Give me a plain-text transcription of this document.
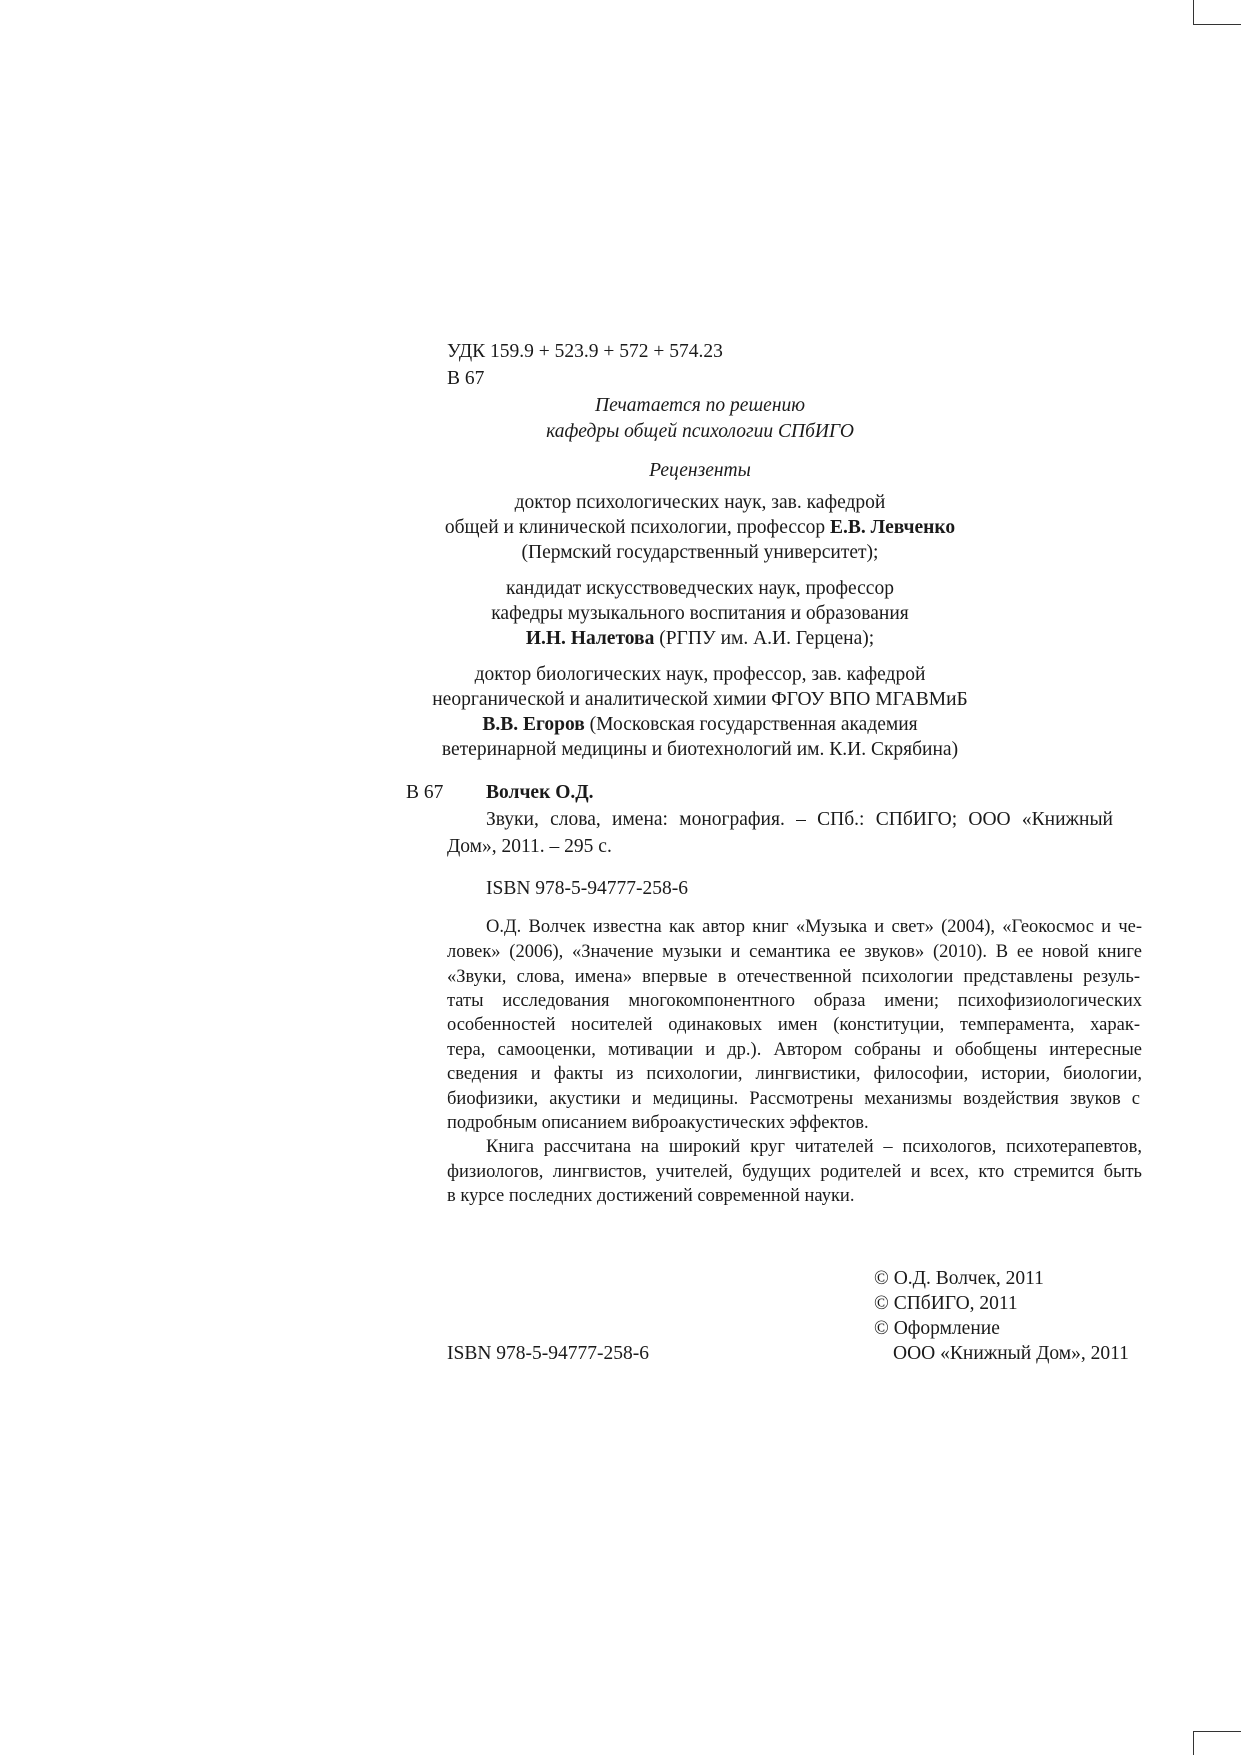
УДК 159.9 + 523.9 + 572 + 574.23
В 67
Печатается по решению
кафедры общей психологии СПбИГО
Рецензенты
доктор психологических наук, зав. кафедрой
общей и клинической психологии, профессор Е.В. Левченко
(Пермский государственный университет);
кандидат искусствоведческих наук, профессор
кафедры музыкального воспитания и образования
И.Н. Налетова (РГПУ им. А.И. Герцена);
доктор биологических наук, профессор, зав. кафедрой
неорганической и аналитической химии ФГОУ ВПО МГАВМиБ
В.В. Егоров (Московская государственная академия
ветеринарной медицины и биотехнологий им. К.И. Скрябина)
В 67 Волчек О.Д.
Звуки, слова, имена: монография. – СПб.: СПбИГО; ООО «Книжный
Дом», 2011. – 295 с.
ISBN 978-5-94777-258-6
О.Д. Волчек известна как автор книг «Музыка и свет» (2004), «Геокосмос и че-
ловек» (2006), «Значение музыки и семантика ее звуков» (2010). В ее новой книге
«Звуки, слова, имена» впервые в отечественной психологии представлены резуль-
таты исследования многокомпонентного образа имени; психофизиологических
особенностей носителей одинаковых имен (конституции, темперамента, харак-
тера, самооценки, мотивации и др.). Автором собраны и обобщены интересные
сведения и факты из психологии, лингвистики, философии, истории, биологии,
биофизики, акустики и медицины. Рассмотрены механизмы воздействия звуков с
подробным описанием виброакустических эффектов.
Книга рассчитана на широкий круг читателей – психологов, психотерапевтов,
физиологов, лингвистов, учителей, будущих родителей и всех, кто стремится быть
в курсе последних достижений современной науки.
© О.Д. Волчек, 2011
© СПбИГО, 2011
© Оформление
ООО «Книжный Дом», 2011
ISBN 978-5-94777-258-6
